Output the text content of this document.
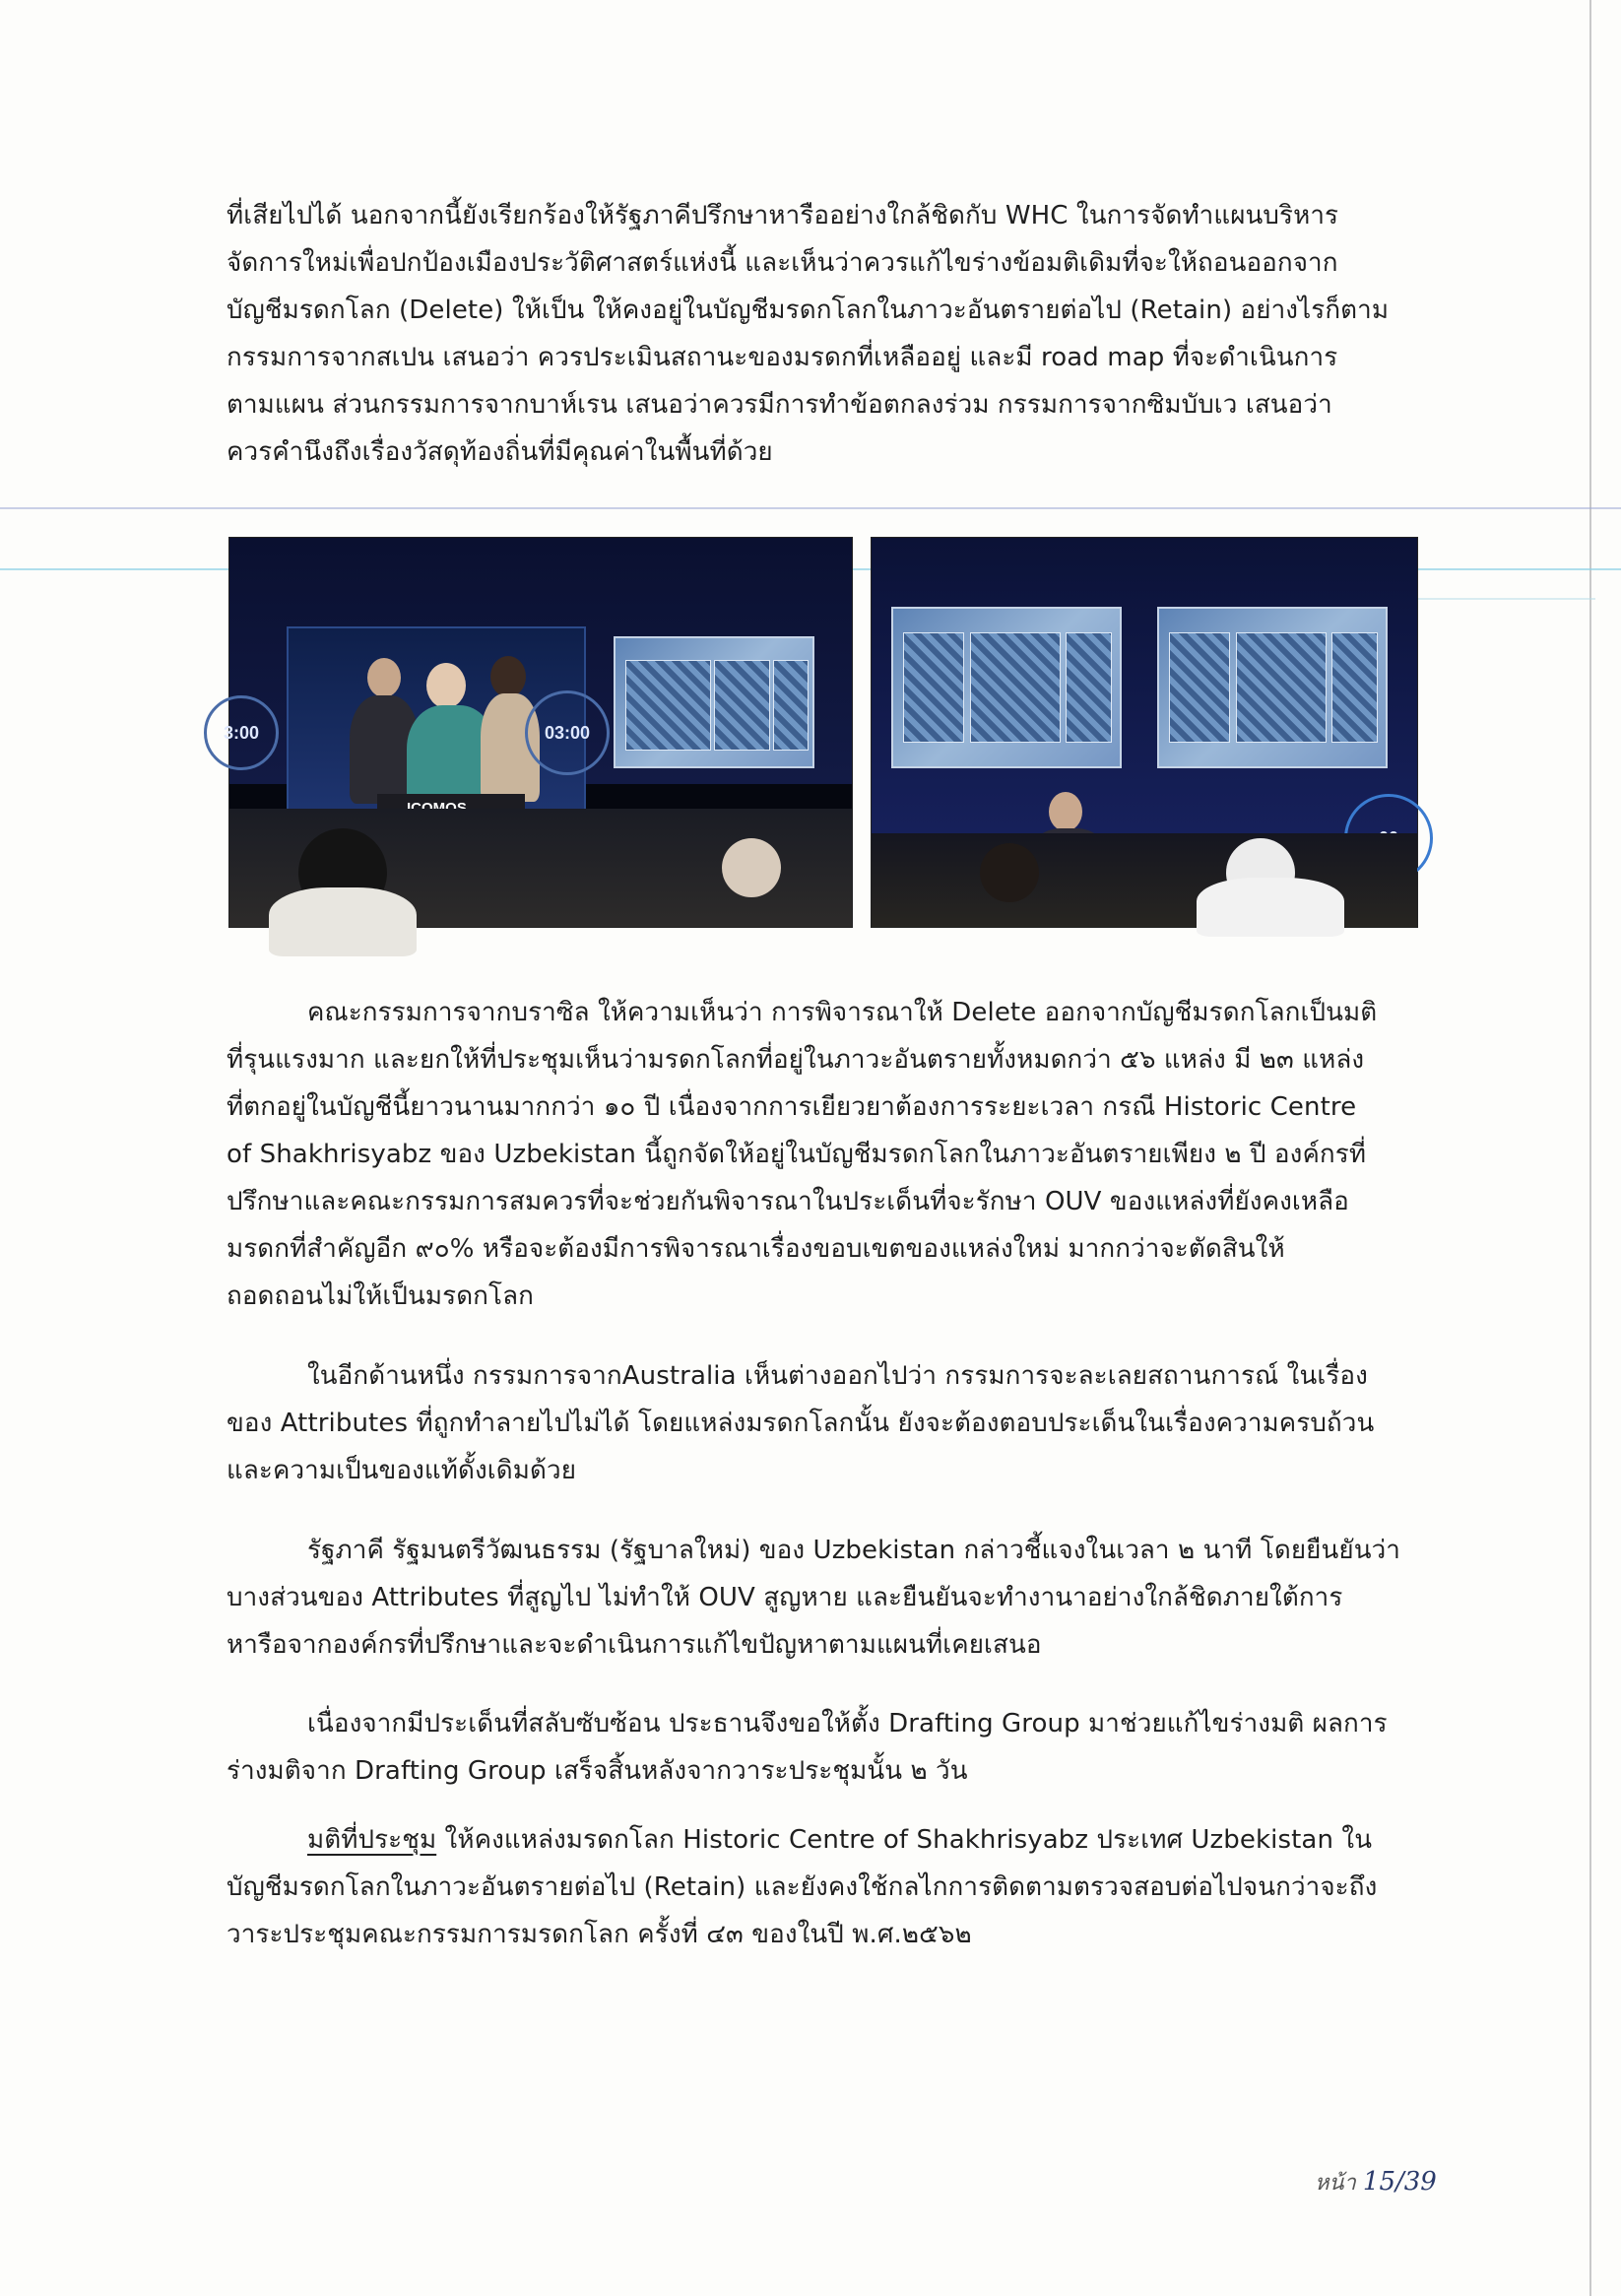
ที่เสียไปได้ นอกจากนี้ยังเรียกร้องให้รัฐภาคีปรึกษาหารืออย่างใกล้ชิดกับ WHC ในการจัดทำแผนบริหาร

จัดการใหม่เพื่อปกป้องเมืองประวัติศาสตร์แห่งนี้ และเห็นว่าควรแก้ไขร่างข้อมติเดิมที่จะให้ถอนออกจาก

บัญชีมรดกโลก (Delete) ให้เป็น ให้คงอยู่ในบัญชีมรดกโลกในภาวะอันตรายต่อไป (Retain) อย่างไรก็ตาม

กรรมการจากสเปน เสนอว่า ควรประเมินสถานะของมรดกที่เหลืออยู่ และมี road map ที่จะดำเนินการ

ตามแผน ส่วนกรรมการจากบาห์เรน เสนอว่าควรมีการทำข้อตกลงร่วม กรรมการจากซิมบับเว เสนอว่า

ควรคำนึงถึงเรื่องวัสดุท้องถิ่นที่มีคุณค่าในพื้นที่ด้วย

3:00	03:00

คณะกรรมการจากบราซิล ให้ความเห็นว่า การพิจารณาให้ Delete ออกจากบัญชีมรดกโลกเป็นมติ

ที่รุนแรงมาก และยกให้ที่ประชุมเห็นว่ามรดกโลกที่อยู่ในภาวะอันตรายทั้งหมดกว่า ๕๖ แหล่ง มี ๒๓ แหล่ง

ที่ตกอยู่ในบัญชีนี้ยาวนานมากกว่า ๑๐ ปี เนื่องจากการเยียวยาต้องการระยะเวลา กรณี Historic Centre

of Shakhrisyabz ของ Uzbekistan นี้ถูกจัดให้อยู่ในบัญชีมรดกโลกในภาวะอันตรายเพียง ๒ ปี องค์กรที่

ปรึกษาและคณะกรรมการสมควรที่จะช่วยกันพิจารณาในประเด็นที่จะรักษา OUV ของแหล่งที่ยังคงเหลือ

มรดกที่สำคัญอีก ๙๐% หรือจะต้องมีการพิจารณาเรื่องขอบเขตของแหล่งใหม่ มากกว่าจะตัดสินให้

ถอดถอนไม่ให้เป็นมรดกโลก

ในอีกด้านหนึ่ง กรรมการจากAustralia เห็นต่างออกไปว่า กรรมการจะละเลยสถานการณ์ ในเรื่อง

ของ Attributes ที่ถูกทำลายไปไม่ได้ โดยแหล่งมรดกโลกนั้น ยังจะต้องตอบประเด็นในเรื่องความครบถ้วน

และความเป็นของแท้ดั้งเดิมด้วย

รัฐภาคี รัฐมนตรีวัฒนธรรม (รัฐบาลใหม่) ของ Uzbekistan กล่าวชี้แจงในเวลา ๒ นาที โดยยืนยันว่า

บางส่วนของ Attributes ที่สูญไป ไม่ทำให้ OUV สูญหาย และยืนยันจะทำงานาอย่างใกล้ชิดภายใต้การ

หารือจากองค์กรที่ปรึกษาและจะดำเนินการแก้ไขปัญหาตามแผนที่เคยเสนอ

เนื่องจากมีประเด็นที่สลับซับซ้อน ประธานจึงขอให้ตั้ง Drafting Group มาช่วยแก้ไขร่างมติ ผลการ

ร่างมติจาก Drafting Group เสร็จสิ้นหลังจากวาระประชุมนั้น ๒ วัน

มติที่ประชุม ให้คงแหล่งมรดกโลก Historic Centre of Shakhrisyabz ประเทศ Uzbekistan ใน

บัญชีมรดกโลกในภาวะอันตรายต่อไป (Retain) และยังคงใช้กลไกการติดตามตรวจสอบต่อไปจนกว่าจะถึง

วาระประชุมคณะกรรมการมรดกโลก ครั้งที่ ๔๓ ของในปี พ.ศ.๒๕๖๒

หน้า 15/39
